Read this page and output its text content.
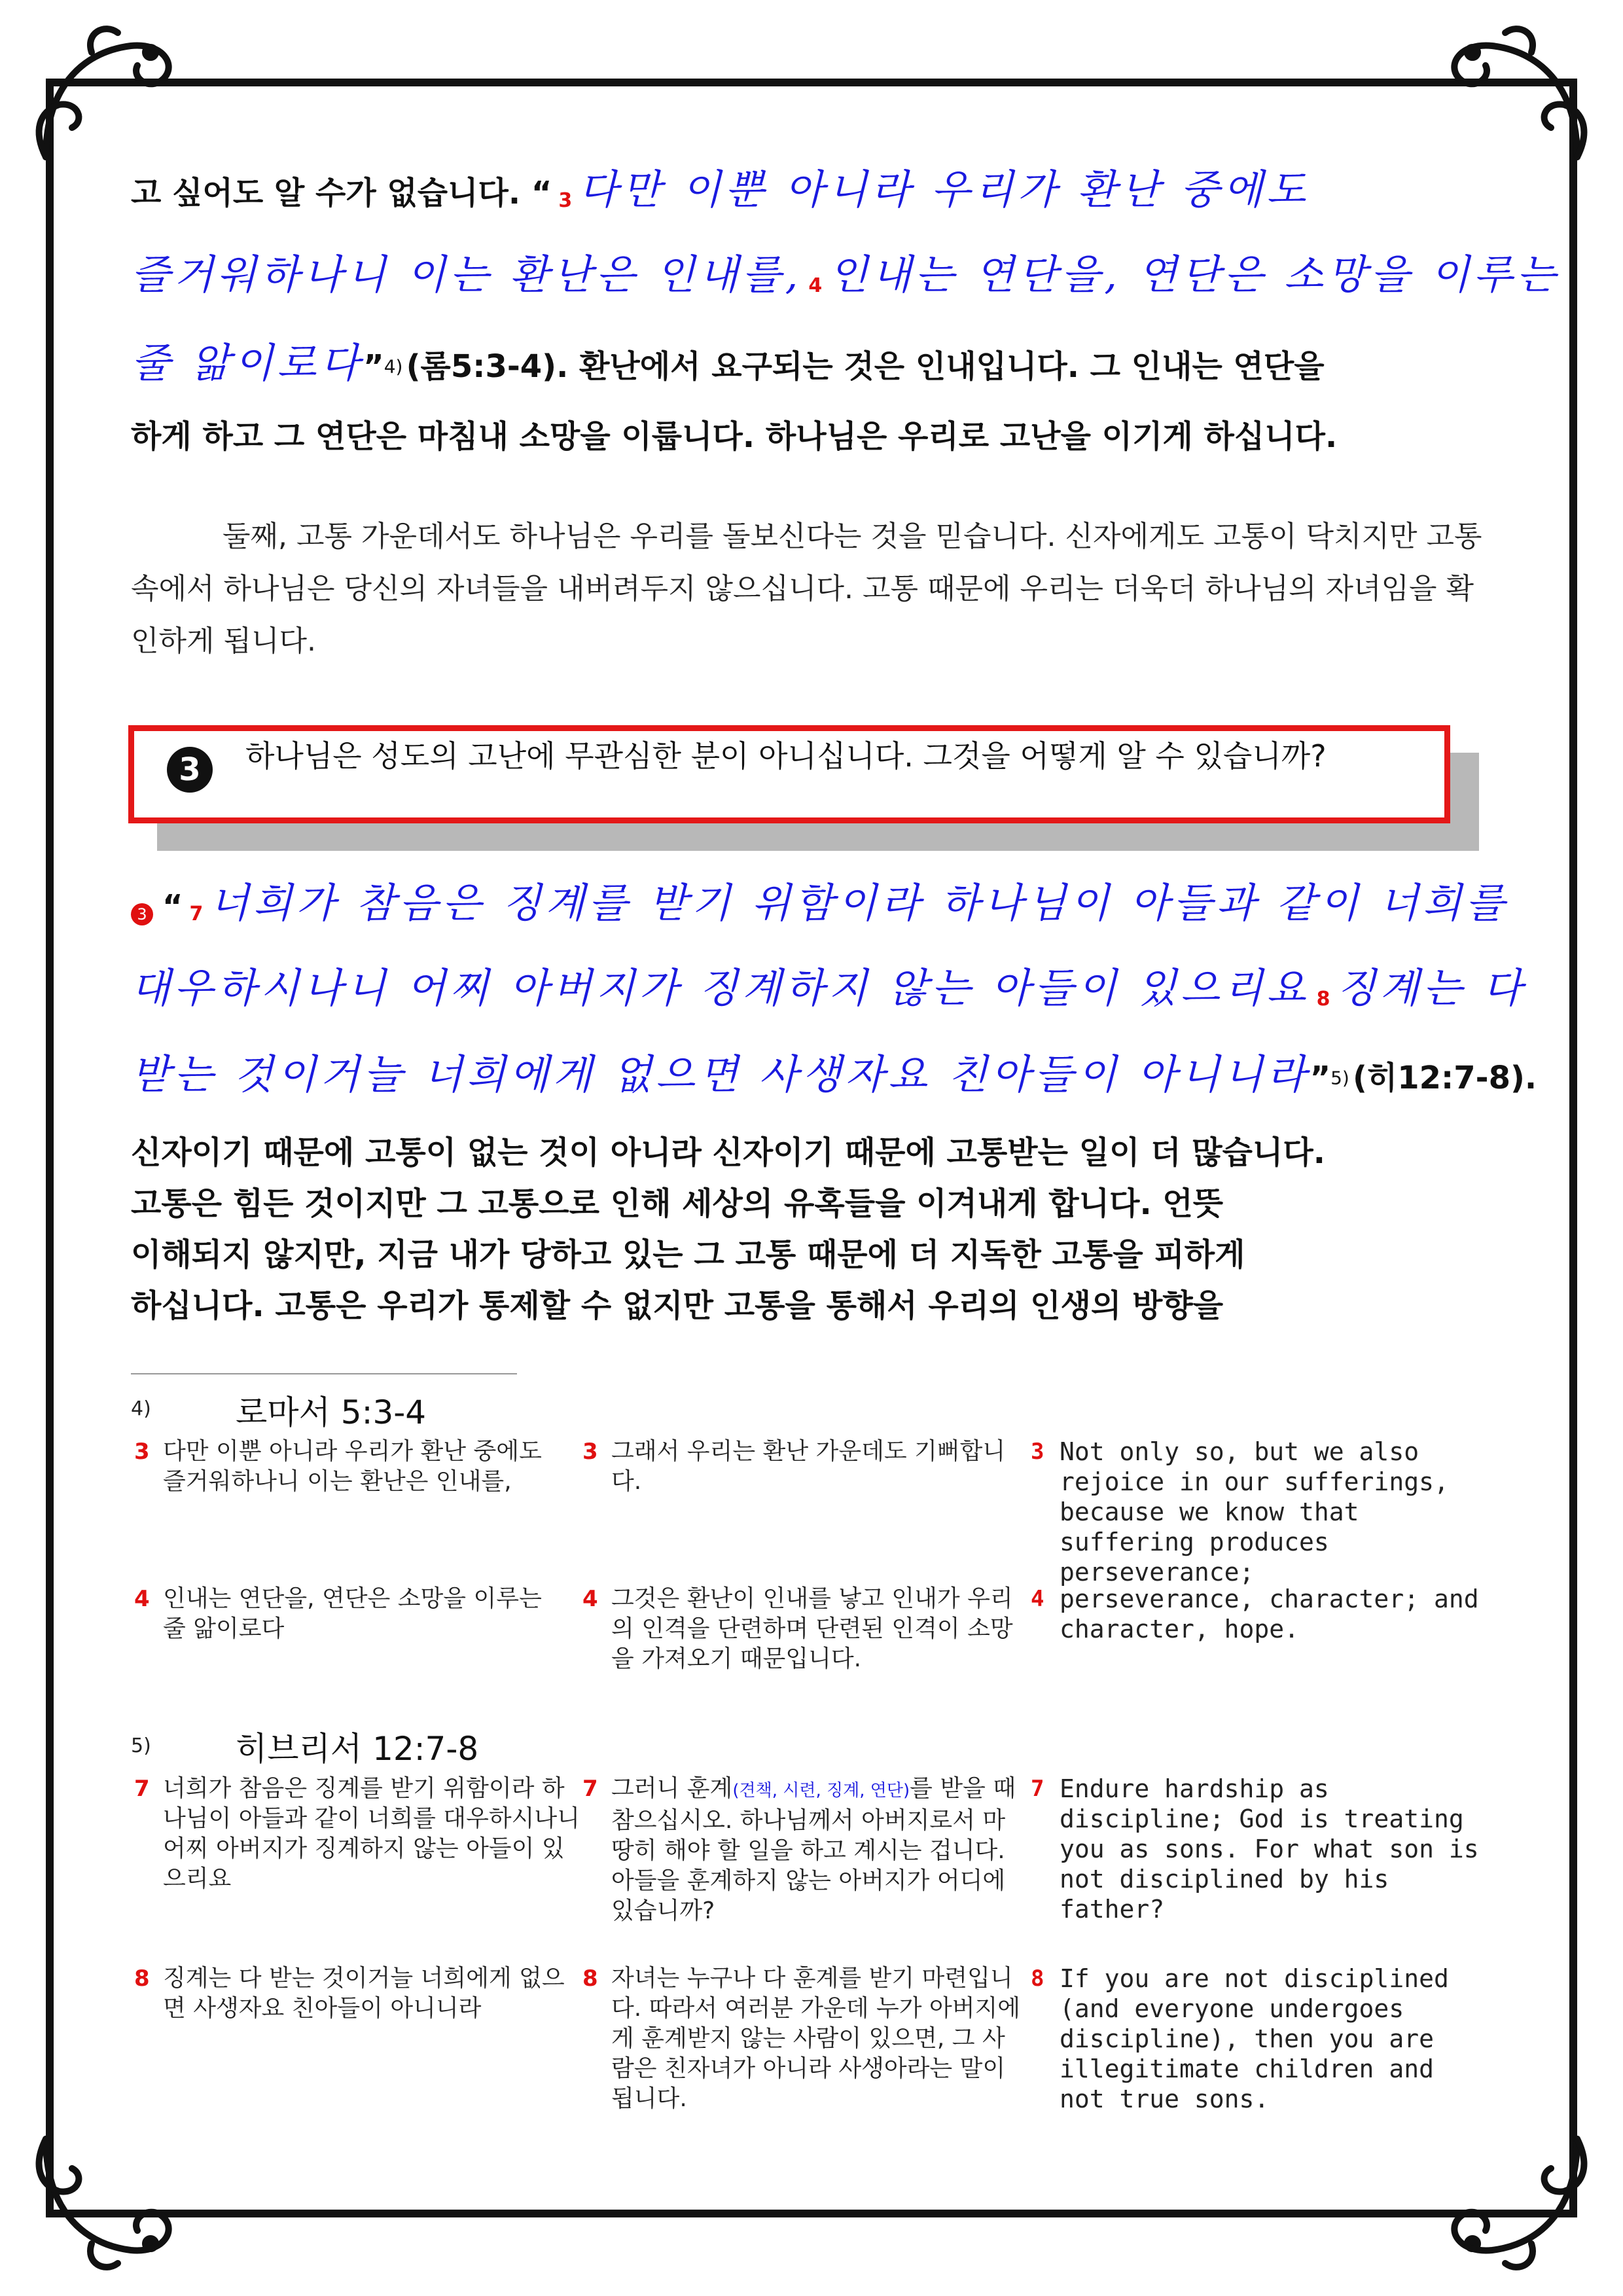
고 싶어도 알 수가 없습니다. “ 3 다만 이뿐 아니라 우리가 환난 중에도
즐거워하나니 이는 환난은 인내를, 4 인내는 연단을, 연단은 소망을 이루는
줄 앎이로다”4) (롬5:3-4). 환난에서 요구되는 것은 인내입니다. 그 인내는 연단을
하게 하고 그 연단은 마침내 소망을 이룹니다. 하나님은 우리로 고난을 이기게 하십니다.
둘째, 고통 가운데서도 하나님은 우리를 돌보신다는 것을 믿습니다. 신자에게도 고통이 닥치지만 고통 속에서 하나님은 당신의 자녀들을 내버려두지 않으십니다. 고통 때문에 우리는 더욱더 하나님의 자녀임을 확인하게 됩니다.
3	하나님은 성도의 고난에 무관심한 분이 아니십니다. 그것을 어떻게 알 수 있습니까?
3 “ 7 너희가 참음은 징계를 받기 위함이라 하나님이 아들과 같이 너희를
대우하시나니 어찌 아버지가 징계하지 않는 아들이 있으리요 8 징계는 다
받는 것이거늘 너희에게 없으면 사생자요 친아들이 아니니라”5) (히12:7-8).
신자이기 때문에 고통이 없는 것이 아니라 신자이기 때문에 고통받는 일이 더 많습니다.
고통은 힘든 것이지만 그 고통으로 인해 세상의 유혹들을 이겨내게 합니다. 언뜻
이해되지 않지만, 지금 내가 당하고 있는 그 고통 때문에 더 지독한 고통을 피하게
하십니다. 고통은 우리가 통제할 수 없지만 고통을 통해서 우리의 인생의 방향을
4)	로마서 5:3-4
3 다만 이뿐 아니라 우리가 환난 중에도 즐거워하나니 이는 환난은 인내를,
3 그래서 우리는 환난 가운데도 기뻐합니다.
3 Not only so, but we also rejoice in our sufferings, because we know that suffering produces perseverance;
4 인내는 연단을, 연단은 소망을 이루는 줄 앎이로다
4 그것은 환난이 인내를 낳고 인내가 우리의 인격을 단련하며 단련된 인격이 소망을 가져오기 때문입니다.
4 perseverance, character; and character, hope.
5)	히브리서 12:7-8
7 너희가 참음은 징계를 받기 위함이라 하나님이 아들과 같이 너희를 대우하시나니 어찌 아버지가 징계하지 않는 아들이 있으리요
7 그러니 훈계(견책, 시련, 징계, 연단)를 받을 때 참으십시오. 하나님께서 아버지로서 마땅히 해야 할 일을 하고 계시는 겁니다. 아들을 훈계하지 않는 아버지가 어디에 있습니까?
7 Endure hardship as discipline; God is treating you as sons. For what son is not disciplined by his father?
8 징계는 다 받는 것이거늘 너희에게 없으면 사생자요 친아들이 아니니라
8 자녀는 누구나 다 훈계를 받기 마련입니다. 따라서 여러분 가운데 누가 아버지에게 훈계받지 않는 사람이 있으면, 그 사람은 친자녀가 아니라 사생아라는 말이 됩니다.
8 If you are not disciplined (and everyone undergoes discipline), then you are illegitimate children and not true sons.
